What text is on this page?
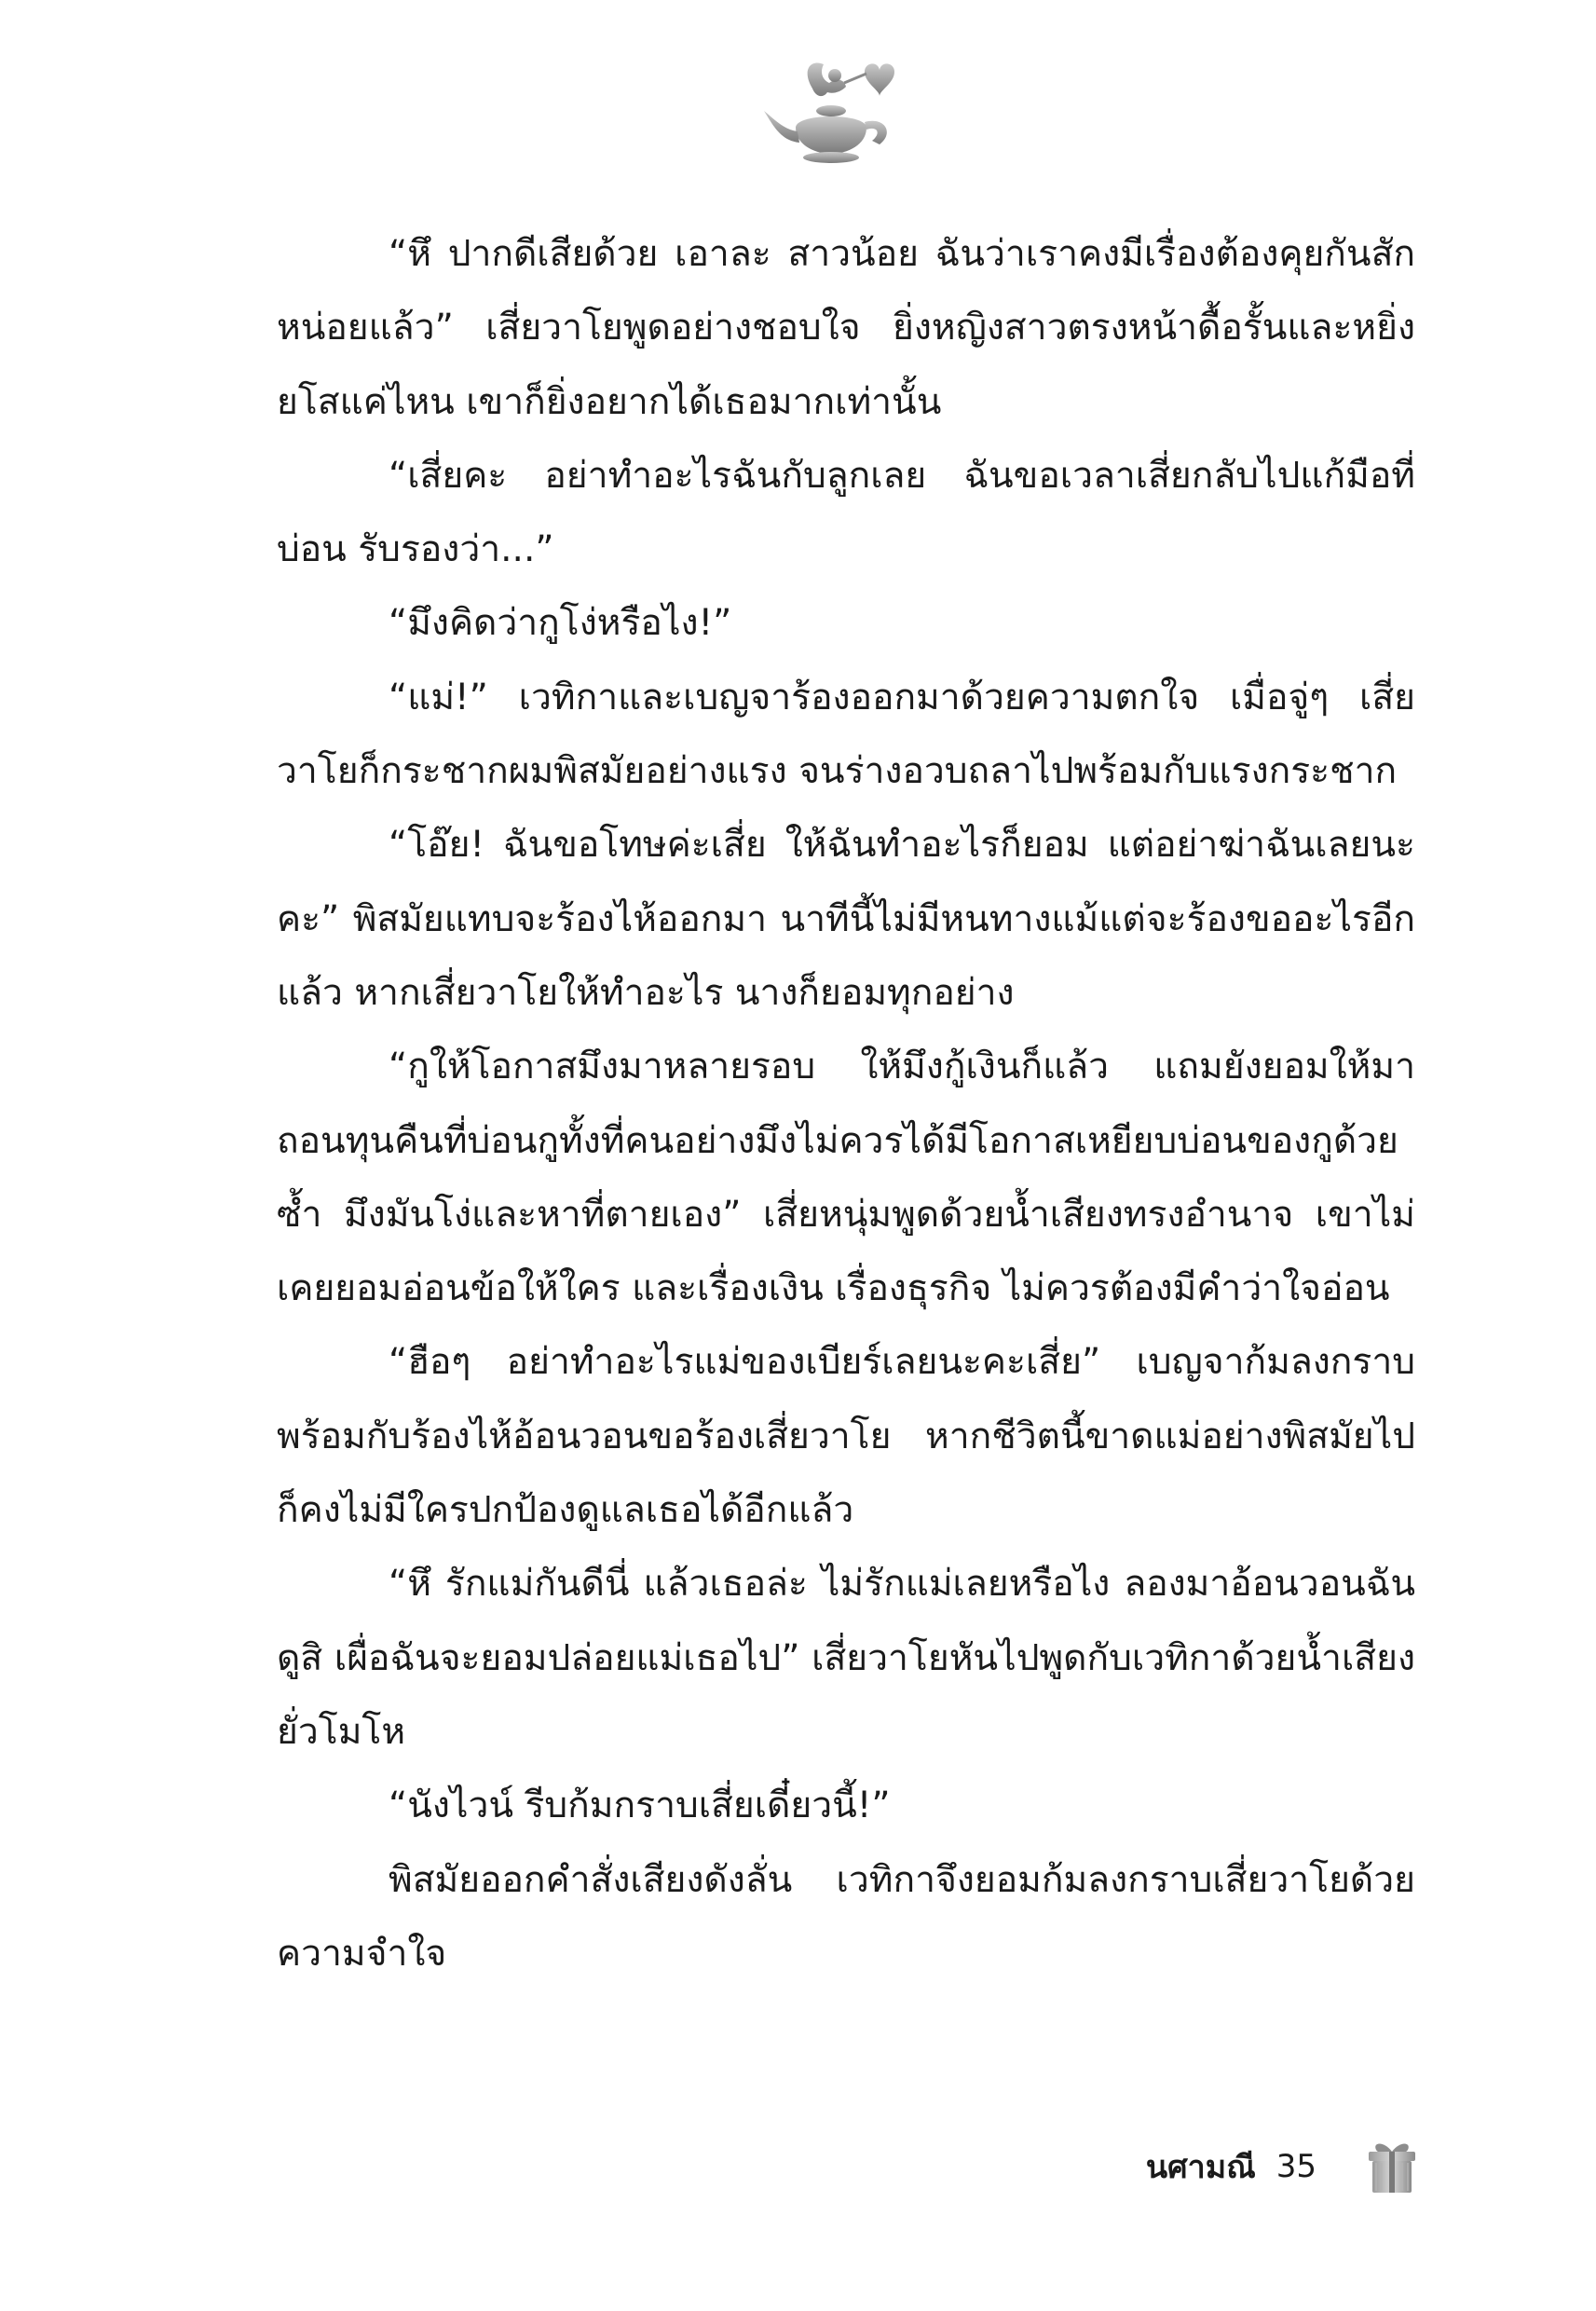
“หึ ปากดีเสียด้วย เอาละ สาวน้อย ฉันว่าเราคงมีเรื่องต้องคุยกันสักหน่อยแล้ว” เสี่ยวาโยพูดอย่างชอบใจ ยิ่งหญิงสาวตรงหน้าดื้อรั้นและหยิ่งยโสแค่ไหน เขาก็ยิ่งอยากได้เธอมากเท่านั้น

“เสี่ยคะ อย่าทำอะไรฉันกับลูกเลย ฉันขอเวลาเสี่ยกลับไปแก้มือที่บ่อน รับรองว่า...”

“มึงคิดว่ากูโง่หรือไง!”

“แม่!” เวทิกาและเบญจาร้องออกมาด้วยความตกใจ เมื่อจู่ๆ เสี่ยวาโยก็กระชากผมพิสมัยอย่างแรง จนร่างอวบถลาไปพร้อมกับแรงกระชาก

“โอ๊ย! ฉันขอโทษค่ะเสี่ย ให้ฉันทำอะไรก็ยอม แต่อย่าฆ่าฉันเลยนะคะ” พิสมัยแทบจะร้องไห้ออกมา นาทีนี้ไม่มีหนทางแม้แต่จะร้องขออะไรอีกแล้ว หากเสี่ยวาโยให้ทำอะไร นางก็ยอมทุกอย่าง

“กูให้โอกาสมึงมาหลายรอบ ให้มึงกู้เงินก็แล้ว แถมยังยอมให้มาถอนทุนคืนที่บ่อนกูทั้งที่คนอย่างมึงไม่ควรได้มีโอกาสเหยียบบ่อนของกูด้วยซ้ำ มึงมันโง่และหาที่ตายเอง” เสี่ยหนุ่มพูดด้วยน้ำเสียงทรงอำนาจ เขาไม่เคยยอมอ่อนข้อให้ใคร และเรื่องเงิน เรื่องธุรกิจ ไม่ควรต้องมีคำว่าใจอ่อน

“ฮือๆ อย่าทำอะไรแม่ของเบียร์เลยนะคะเสี่ย” เบญจาก้มลงกราบพร้อมกับร้องไห้อ้อนวอนขอร้องเสี่ยวาโย หากชีวิตนี้ขาดแม่อย่างพิสมัยไป ก็คงไม่มีใครปกป้องดูแลเธอได้อีกแล้ว

“หึ รักแม่กันดีนี่ แล้วเธอล่ะ ไม่รักแม่เลยหรือไง ลองมาอ้อนวอนฉันดูสิ เผื่อฉันจะยอมปล่อยแม่เธอไป” เสี่ยวาโยหันไปพูดกับเวทิกาด้วยน้ำเสียงยั่วโมโห

“นังไวน์ รีบก้มกราบเสี่ยเดี๋ยวนี้!”

พิสมัยออกคำสั่งเสียงดังลั่น เวทิกาจึงยอมก้มลงกราบเสี่ยวาโยด้วยความจำใจ

นศามณี 35
